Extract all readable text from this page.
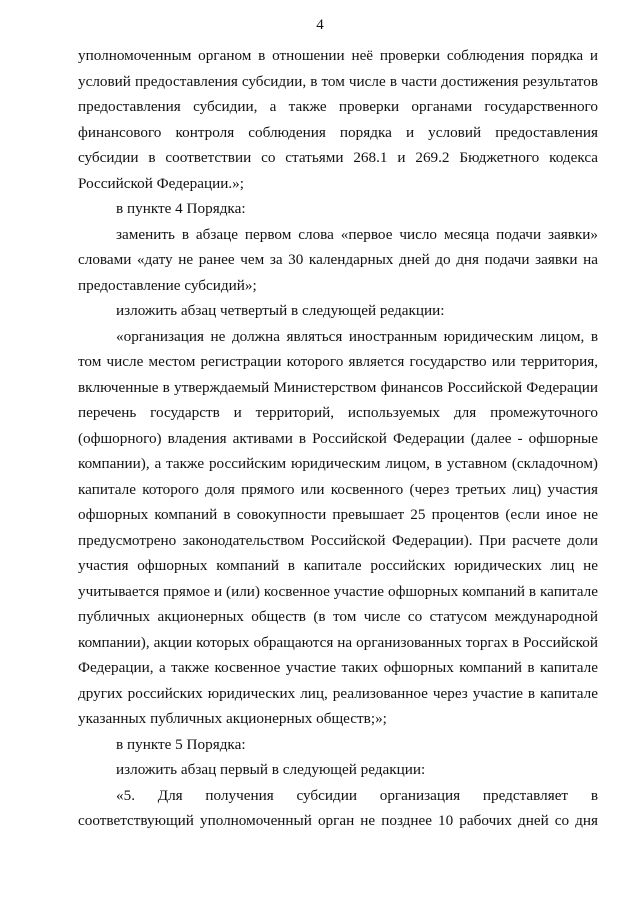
4
уполномоченным органом в отношении неё проверки соблюдения порядка и
условий предоставления субсидии, в том числе в части достижения результатов
предоставления субсидии, а также проверки органами государственного
финансового контроля соблюдения порядка и условий предоставления
субсидии в соответствии со статьями 268.1 и 269.2 Бюджетного кодекса
Российской Федерации.»;
в пункте 4 Порядка:
заменить в абзаце первом слова «первое число месяца подачи заявки»
словами «дату не ранее чем за 30 календарных дней до дня подачи заявки на
предоставление субсидий»;
изложить абзац четвертый в следующей редакции:
«организация не должна являться иностранным юридическим лицом, в
том числе местом регистрации которого является государство или территория,
включенные в утверждаемый Министерством финансов Российской Федерации
перечень государств и территорий, используемых для промежуточного
(офшорного) владения активами в Российской Федерации (далее - офшорные
компании), а также российским юридическим лицом, в уставном (складочном)
капитале которого доля прямого или косвенного (через третьих лиц) участия
офшорных компаний в совокупности превышает 25 процентов (если иное не
предусмотрено законодательством Российской Федерации). При расчете доли
участия офшорных компаний в капитале российских юридических лиц не
учитывается прямое и (или) косвенное участие офшорных компаний в капитале
публичных акционерных обществ (в том числе со статусом международной
компании), акции которых обращаются на организованных торгах в Российской
Федерации, а также косвенное участие таких офшорных компаний в капитале
других российских юридических лиц, реализованное через участие в капитале
указанных публичных акционерных обществ;»;
в пункте 5 Порядка:
изложить абзац первый в следующей редакции:
«5. Для получения субсидии организация представляет в
соответствующий уполномоченный орган не позднее 10 рабочих дней со дня
